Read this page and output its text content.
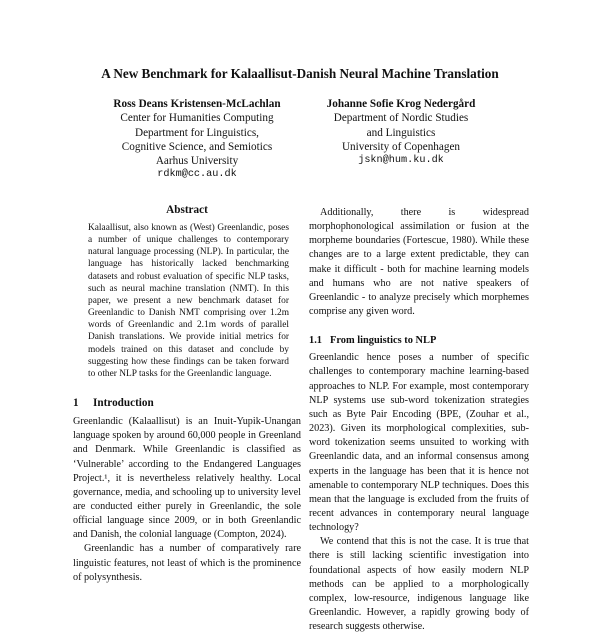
A New Benchmark for Kalaallisut-Danish Neural Machine Translation
Ross Deans Kristensen-McLachlan
Center for Humanities Computing
Department for Linguistics,
Cognitive Science, and Semiotics
Aarhus University
rdkm@cc.au.dk
Johanne Sofie Krog Nedergård
Department of Nordic Studies
and Linguistics
University of Copenhagen
jskn@hum.ku.dk
Abstract

Kalaallisut, also known as (West) Greenlandic, poses a number of unique challenges to contemporary natural language processing (NLP). In particular, the language has historically lacked benchmarking datasets and robust evaluation of specific NLP tasks, such as neural machine translation (NMT). In this paper, we present a new benchmark dataset for Greenlandic to Danish NMT comprising over 1.2m words of Greenlandic and 2.1m words of parallel Danish translations. We provide initial metrics for models trained on this dataset and conclude by suggesting how these findings can be taken forward to other NLP tasks for the Greenlandic language.

1 Introduction

Greenlandic (Kalaallisut) is an Inuit-Yupik-Unangan language spoken by around 60,000 people in Greenland and Denmark. While Greenlandic is classified as ‘Vulnerable’ according to the Endangered Languages Project.¹, it is nevertheless relatively healthy. Local governance, media, and schooling up to university level are conducted either purely in Greenlandic, the sole official language since 2009, or in both Greenlandic and Danish, the colonial language (Compton, 2024).

Greenlandic has a number of comparatively rare linguistic features, not least of which is the prominence of polysynthesis.

Additionally, there is widespread morphophonological assimilation or fusion at the morpheme boundaries (Fortescue, 1980). While these changes are to a large extent predictable, they can make it difficult - both for machine learning models and humans who are not native speakers of Greenlandic - to analyze precisely which morphemes comprise any given word.

1.1 From linguistics to NLP

Greenlandic hence poses a number of specific challenges to contemporary machine learning-based approaches to NLP. For example, most contemporary NLP systems use sub-word tokenization strategies such as Byte Pair Encoding (BPE, (Zouhar et al., 2023). Given its morphological complexities, sub-word tokenization seems unsuited to working with Greenlandic data, and an informal consensus among experts in the language has been that it is hence not amenable to contemporary NLP techniques. Does this mean that the language is excluded from the fruits of recent advances in contemporary neural language technology?

We contend that this is not the case. It is true that there is still lacking scientific investigation into foundational aspects of how easily modern NLP methods can be applied to a morphologically complex, low-resource, indigenous language like Greenlandic. However, a rapidly growing body of research suggests otherwise.
